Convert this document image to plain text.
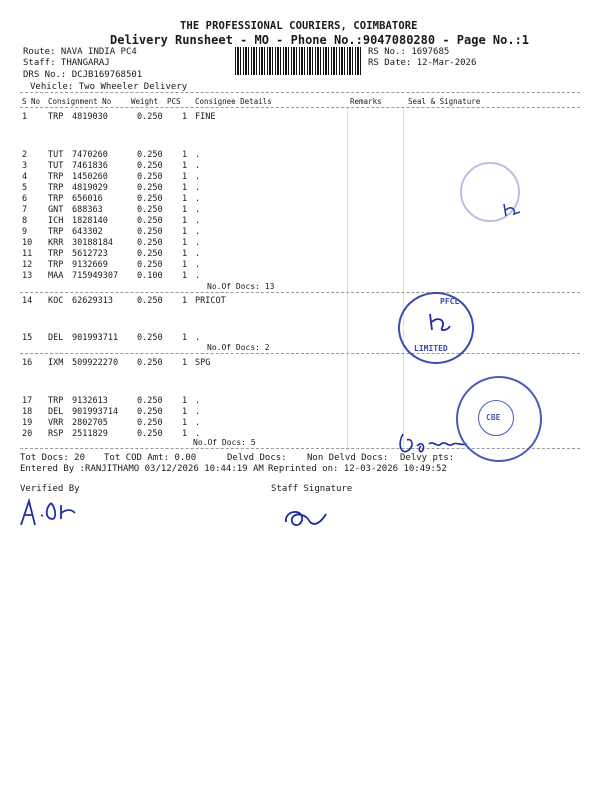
THE PROFESSIONAL COURIERS, COIMBATORE
Delivery Runsheet - MO - Phone No.:9047080280 - Page No.:1
Route: NAVA INDIA PC4
Staff: THANGARAJ
DRS No.: DCJB169768501
Vehicle: Two Wheeler Delivery
RS No.: 1697685
RS Date: 12-Mar-2026
S No Consignment No	Weight PCS Consignee Details	Remarks	Seal & Signature
1 TRP 4819030	0.250 1 FINE
2 TUT 7470260	0.250 1 .
3 TUT 7461836	0.250 1 .
4 TRP 1450260	0.250 1 .
5 TRP 4819029	0.250 1 .
6 TRP 656016	0.250 1 .
7 GNT 688363	0.250 1 .
8 ICH 1828140	0.250 1 .
9 TRP 643302	0.250 1 .
10 KRR 30188184	0.250 1 .
11 TRP 5612723	0.250 1 .
12 TRP 9132669	0.250 1 .
13 MAA 715949307 0.100 1 .
14 KOC 62629313	0.250 1 PRICOT
15 DEL 901993711 0.250 1 .
16 IXM 509922270 0.250 1 SPG
17 TRP 9132613	0.250 1 .
18 DEL 901993714 0.250 1 .
19 VRR 2802705	0.250 1 .
20 RSP 2511829	0.250 1 .
No.Of Docs: 13
No.Of Docs: 2
No.Of Docs: 5
Tot Docs: 20 Tot COD Amt: 0.00	Delvd Docs: Non Delvd Docs: Delvy pts:
Entered By :RANJITHAMO 03/12/2026 10:44:19 AM Reprinted on: 12-03-2026 10:49:52
Verified By	Staff Signature
PFCL
LIMITED
CBE
